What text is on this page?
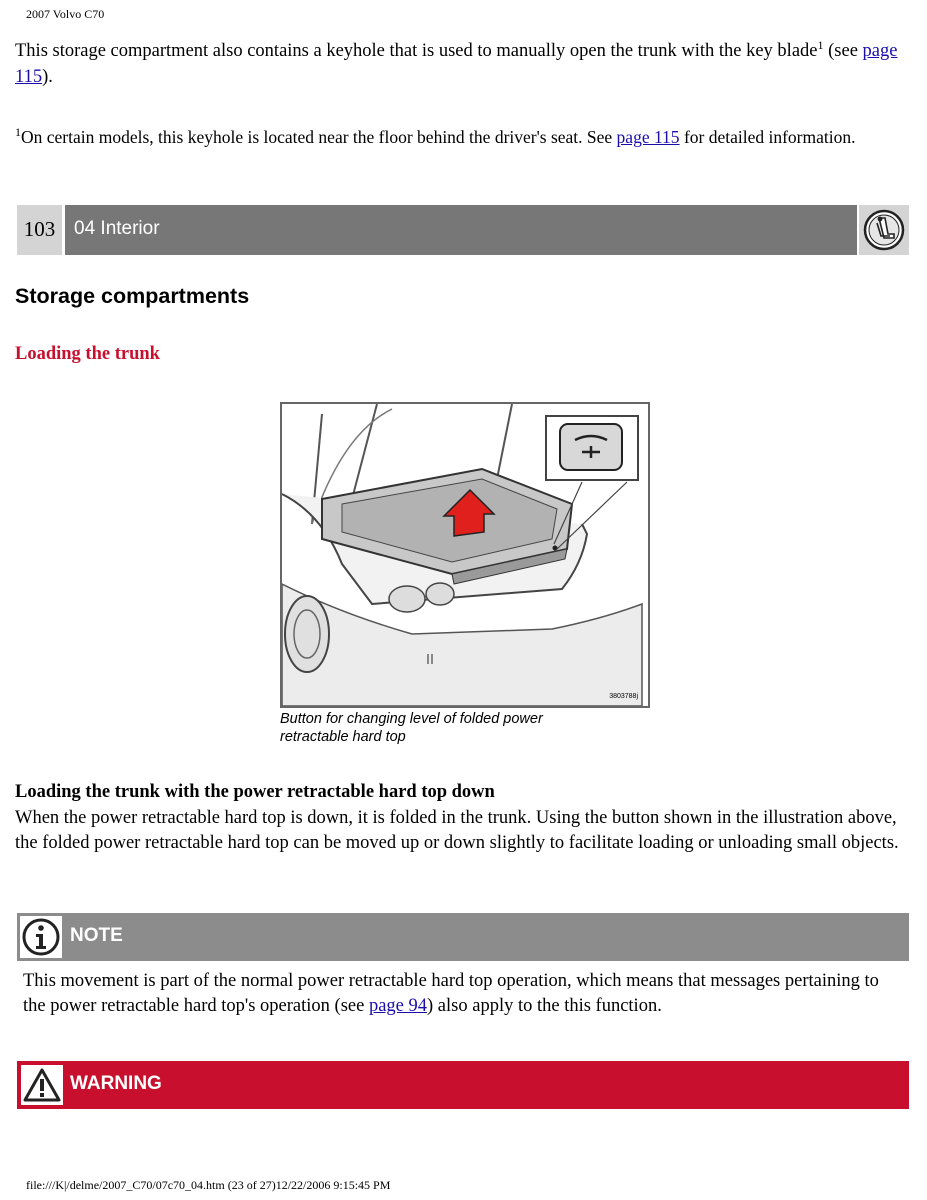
2007 Volvo C70
This storage compartment also contains a keyhole that is used to manually open the trunk with the key blade$^1$ (see page 115).
$^1$On certain models, this keyhole is located near the floor behind the driver's seat. See page 115 for detailed information.
103 04 Interior
Storage compartments
Loading the trunk
3803788j
Button for changing level of folded power
retractable hard top
Loading the trunk with the power retractable hard top down
When the power retractable hard top is down, it is folded in the trunk. Using the button shown in the illustration above, the folded power retractable hard top can be moved up or down slightly to facilitate loading or unloading small objects.
NOTE
This movement is part of the normal power retractable hard top operation, which means that messages pertaining to the power retractable hard top's operation (see page 94) also apply to the this function.
WARNING
file:///K|/delme/2007_C70/07c70_04.htm (23 of 27)12/22/2006 9:15:45 PM
